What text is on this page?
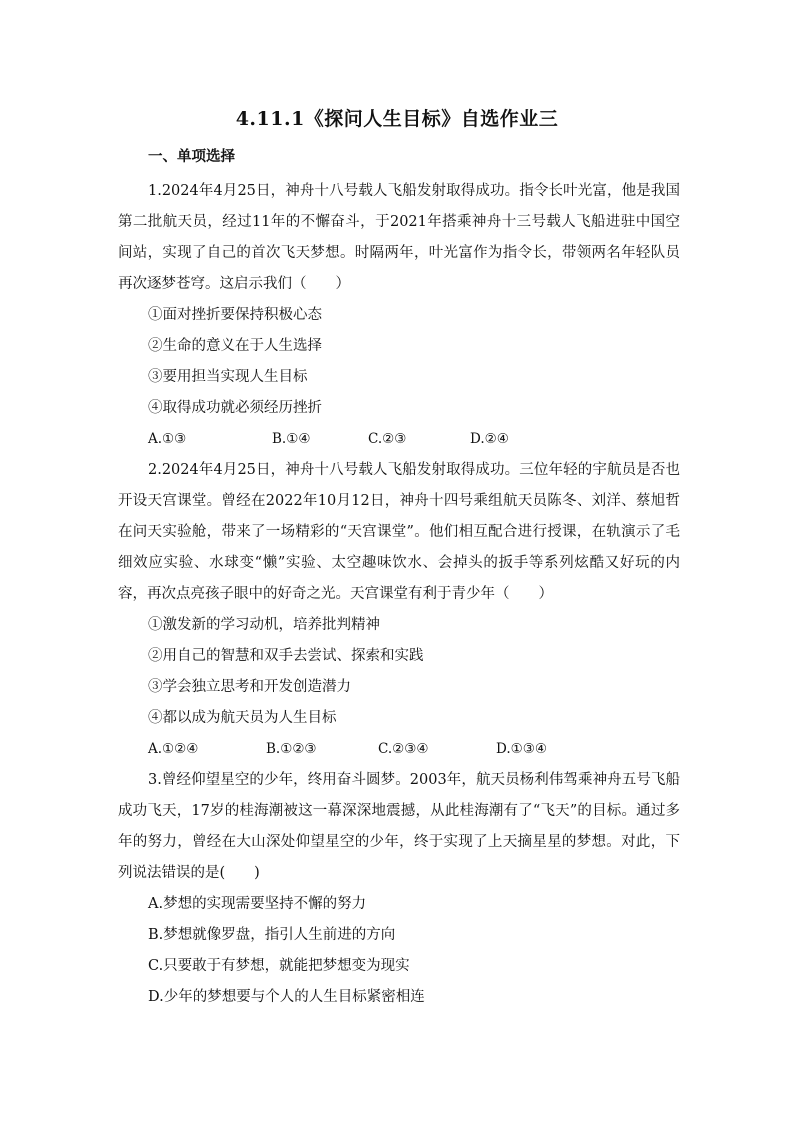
4.11.1《探问人生目标》自选作业三
一、单项选择

1.2024年4月25日，神舟十八号载人飞船发射取得成功。指令长叶光富，他是我国第二批航天员，经过11年的不懈奋斗，于2021年搭乘神舟十三号载人飞船进驻中国空间站，实现了自己的首次飞天梦想。时隔两年，叶光富作为指令长，带领两名年轻队员再次逐梦苍穹。这启示我们（　　）

①面对挫折要保持积极心态

②生命的意义在于人生选择

③要用担当实现人生目标

④取得成功就必须经历挫折

A.①③	B.①④	C.②③	D.②④

2.2024年4月25日，神舟十八号载人飞船发射取得成功。三位年轻的宇航员是否也开设天宫课堂。曾经在2022年10月12日，神舟十四号乘组航天员陈冬、刘洋、蔡旭哲在问天实验舱，带来了一场精彩的“天宫课堂”。他们相互配合进行授课，在轨演示了毛细效应实验、水球变“懒”实验、太空趣味饮水、会掉头的扳手等系列炫酷又好玩的内容，再次点亮孩子眼中的好奇之光。天宫课堂有利于青少年（　　）

①激发新的学习动机，培养批判精神

②用自己的智慧和双手去尝试、探索和实践

③学会独立思考和开发创造潜力

④都以成为航天员为人生目标

A.①②④	B.①②③	C.②③④	D.①③④

3.曾经仰望星空的少年，终用奋斗圆梦。2003年，航天员杨利伟驾乘神舟五号飞船成功飞天，17岁的桂海潮被这一幕深深地震撼，从此桂海潮有了“飞天”的目标。通过多年的努力，曾经在大山深处仰望星空的少年，终于实现了上天摘星星的梦想。对此，下列说法错误的是(　　)

A.梦想的实现需要坚持不懈的努力

B.梦想就像罗盘，指引人生前进的方向

C.只要敢于有梦想，就能把梦想变为现实

D.少年的梦想要与个人的人生目标紧密相连
